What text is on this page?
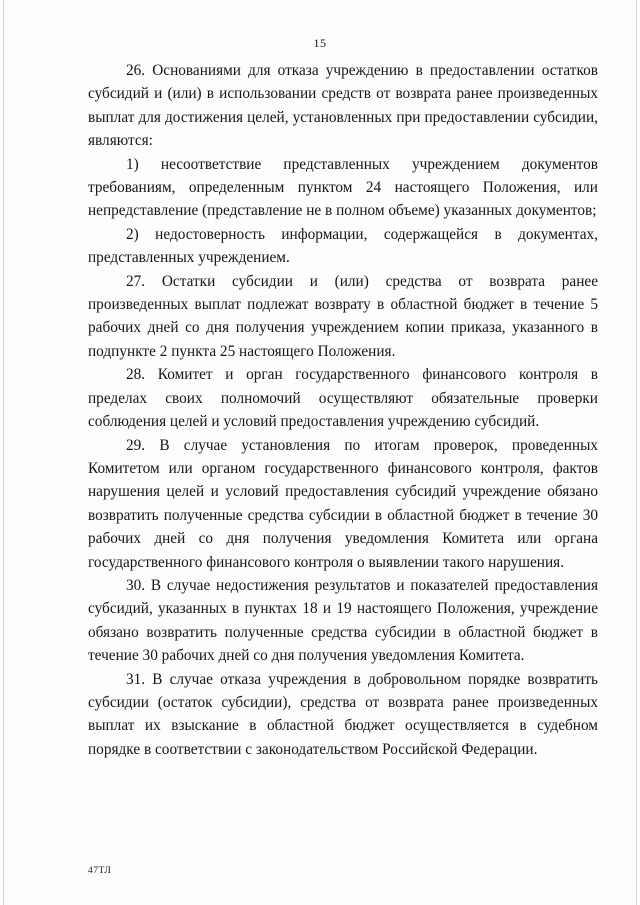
15

26. Основаниями для отказа учреждению в предоставлении остатков субсидий и (или) в использовании средств от возврата ранее произведенных выплат для достижения целей, установленных при предоставлении субсидии, являются:

1) несоответствие представленных учреждением документов требованиям, определенным пунктом 24 настоящего Положения, или непредставление (представление не в полном объеме) указанных документов;

2) недостоверность информации, содержащейся в документах, представленных учреждением.

27. Остатки субсидии и (или) средства от возврата ранее произведенных выплат подлежат возврату в областной бюджет в течение 5 рабочих дней со дня получения учреждением копии приказа, указанного в подпункте 2 пункта 25 настоящего Положения.

28. Комитет и орган государственного финансового контроля в пределах своих полномочий осуществляют обязательные проверки соблюдения целей и условий предоставления учреждению субсидий.

29. В случае установления по итогам проверок, проведенных Комитетом или органом государственного финансового контроля, фактов нарушения целей и условий предоставления субсидий учреждение обязано возвратить полученные средства субсидии в областной бюджет в течение 30 рабочих дней со дня получения уведомления Комитета или органа государственного финансового контроля о выявлении такого нарушения.

30. В случае недостижения результатов и показателей предоставления субсидий, указанных в пунктах 18 и 19 настоящего Положения, учреждение обязано возвратить полученные средства субсидии в областной бюджет в течение 30 рабочих дней со дня получения уведомления Комитета.

31. В случае отказа учреждения в добровольном порядке возвратить субсидии (остаток субсидии), средства от возврата ранее произведенных выплат их взыскание в областной бюджет осуществляется в судебном порядке в соответствии с законодательством Российской Федерации.

47ТЛ
